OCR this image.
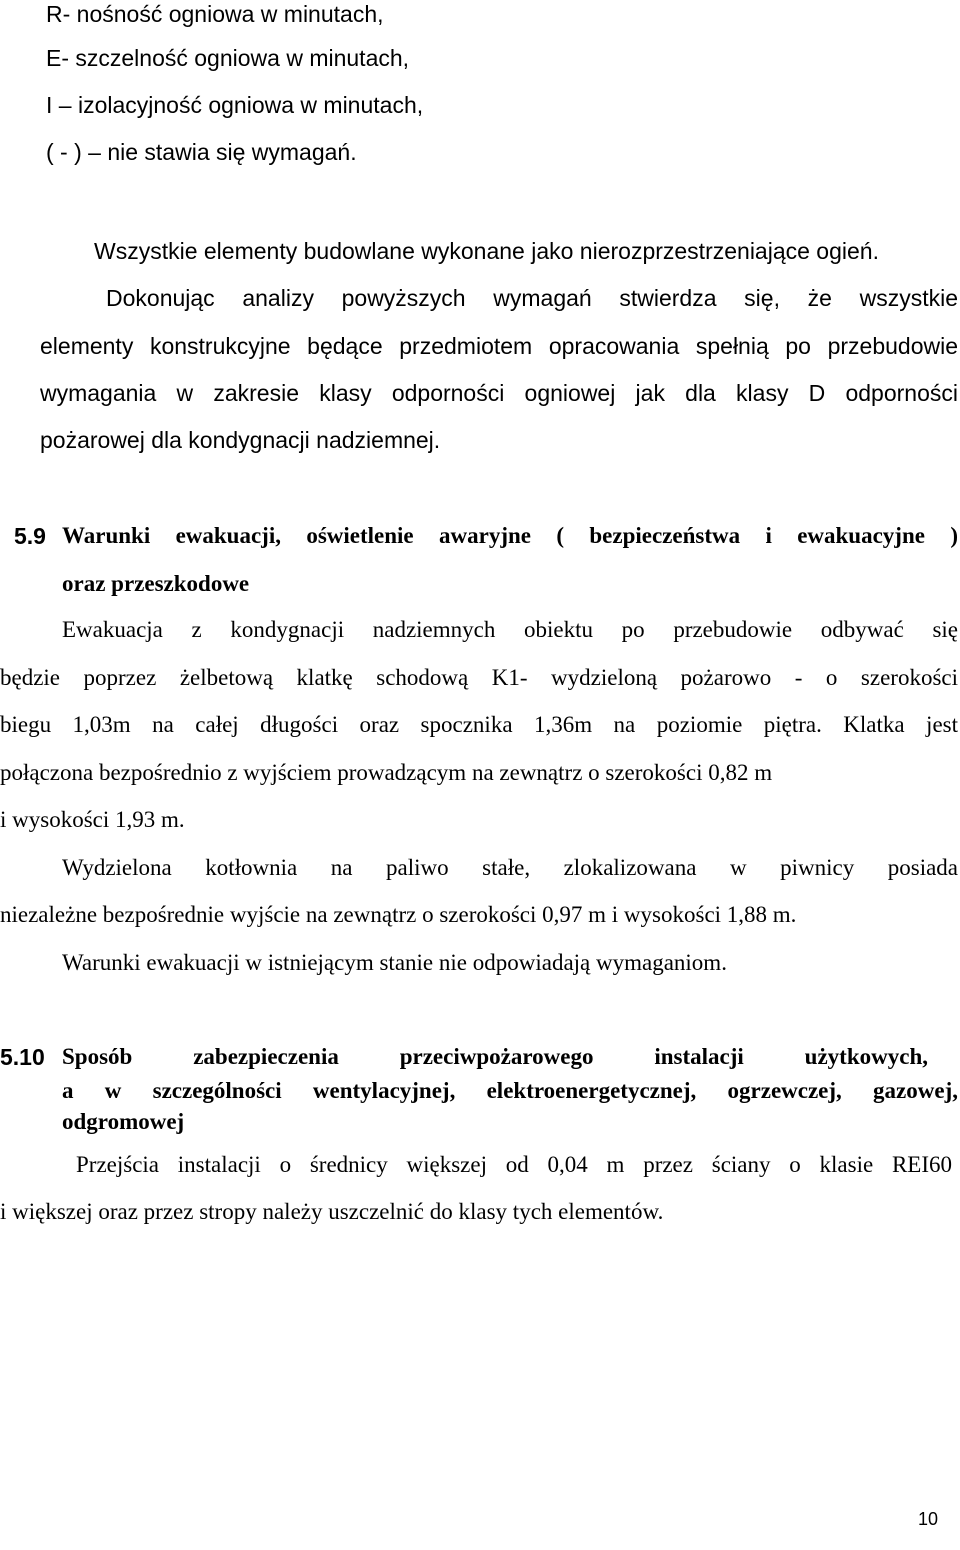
R- nośność ogniowa w minutach,
E- szczelność ogniowa w minutach,
I – izolacyjność ogniowa w minutach,
( - ) – nie stawia się wymagań.
Wszystkie elementy budowlane wykonane jako nierozprzestrzeniające ogień.
Dokonując analizy powyższych wymagań stwierdza się, że wszystkie
elementy konstrukcyjne będące przedmiotem opracowania spełnią po przebudowie
wymagania w zakresie klasy odporności ogniowej jak dla klasy D odporności
pożarowej dla kondygnacji nadziemnej.
5.9 Warunki ewakuacji, oświetlenie awaryjne ( bezpieczeństwa i ewakuacyjne )
oraz przeszkodowe
Ewakuacja z kondygnacji nadziemnych obiektu po przebudowie odbywać się
będzie poprzez żelbetową klatkę schodową K1- wydzieloną pożarowo - o szerokości
biegu 1,03m na całej długości oraz spocznika 1,36m na poziomie piętra. Klatka jest
połączona bezpośrednio z wyjściem prowadzącym na zewnątrz o szerokości 0,82 m
i wysokości 1,93 m.
Wydzielona kotłownia na paliwo stałe, zlokalizowana w piwnicy posiada
niezależne bezpośrednie wyjście na zewnątrz o szerokości 0,97 m i wysokości 1,88 m.
Warunki ewakuacji w istniejącym stanie nie odpowiadają wymaganiom.
5.10 Sposób zabezpieczenia przeciwpożarowego instalacji użytkowych,
a w szczególności wentylacyjnej, elektroenergetycznej, ogrzewczej, gazowej,
odgromowej
Przejścia instalacji o średnicy większej od 0,04 m przez ściany o klasie REI60
i większej oraz przez stropy należy uszczelnić do klasy tych elementów.
10
